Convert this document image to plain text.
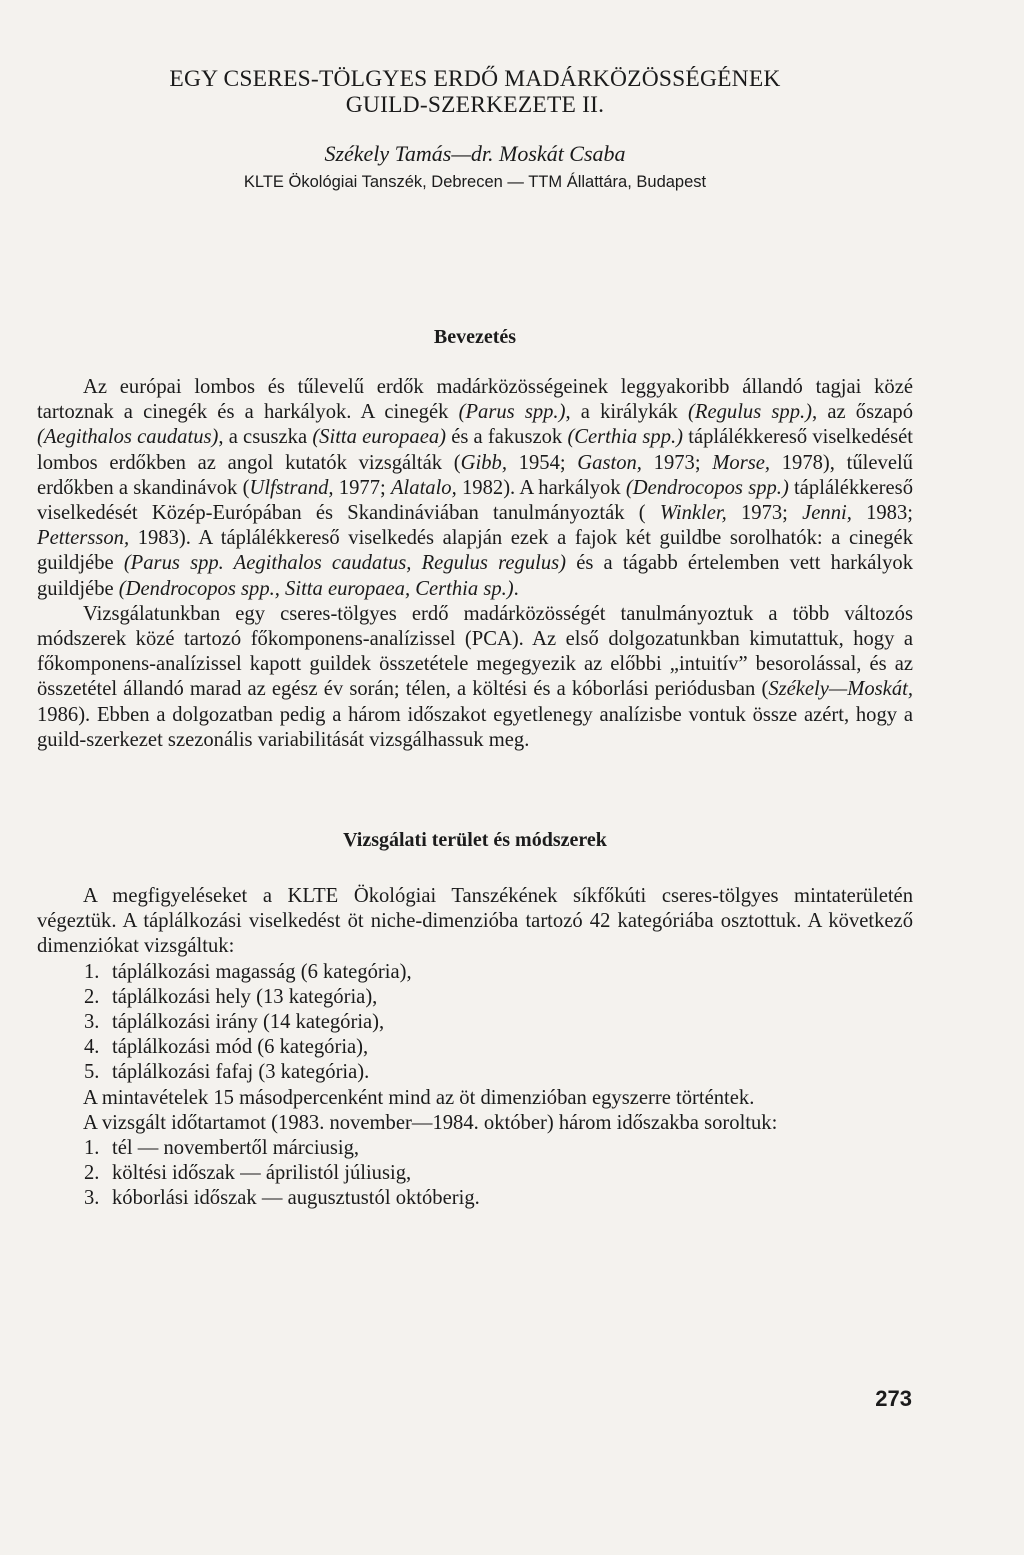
EGY CSERES-TÖLGYES ERDŐ MADÁRKÖZÖSSÉGÉNEK
GUILD-SZERKEZETE II.
Székely Tamás—dr. Moskát Csaba
KLTE Ökológiai Tanszék, Debrecen — TTM Állattára, Budapest
Bevezetés

Az európai lombos és tűlevelű erdők madárközösségeinek leggyakoribb állandó tagjai közé tartoznak a cinegék és a harkályok. A cinegék (Parus spp.), a királykák (Regulus spp.), az őszapó (Aegithalos caudatus), a csuszka (Sitta europaea) és a fakuszok (Certhia spp.) táplálékkereső viselkedését lombos erdőkben az angol kutatók vizsgálták (Gibb, 1954; Gaston, 1973; Morse, 1978), tűlevelű erdőkben a skandinávok (Ulfstrand, 1977; Alatalo, 1982). A harkályok (Dendrocopos spp.) táplálékkereső viselkedését Közép-Európában és Skandináviában tanulmányozták ( Winkler, 1973; Jenni, 1983; Pettersson, 1983). A táplálékkereső viselkedés alapján ezek a fajok két guildbe sorolhatók: a cinegék guildjébe (Parus spp. Aegithalos caudatus, Regulus regulus) és a tágabb értelemben vett harkályok guildjébe (Dendrocopos spp., Sitta europaea, Certhia sp.).

Vizsgálatunkban egy cseres-tölgyes erdő madárközösségét tanulmányoztuk a több változós módszerek közé tartozó főkomponens-analízissel (PCA). Az első dolgozatunkban kimutattuk, hogy a főkomponens-analízissel kapott guildek összetétele megegyezik az előbbi „intuitív” besorolással, és az összetétel állandó marad az egész év során; télen, a költési és a kóborlási periódusban (Székely—Moskát, 1986). Ebben a dolgozatban pedig a három időszakot egyetlenegy analízisbe vontuk össze azért, hogy a guild-szerkezet szezonális variabilitását vizsgálhassuk meg.

Vizsgálati terület és módszerek

A megfigyeléseket a KLTE Ökológiai Tanszékének síkfőkúti cseres-tölgyes mintaterületén végeztük. A táplálkozási viselkedést öt niche-dimenzióba tartozó 42 kategóriába osztottuk. A következő dimenziókat vizsgáltuk:

1. táplálkozási magasság (6 kategória),
2. táplálkozási hely (13 kategória),
3. táplálkozási irány (14 kategória),
4. táplálkozási mód (6 kategória),
5. táplálkozási fafaj (3 kategória).

A mintavételek 15 másodpercenként mind az öt dimenzióban egyszerre történtek.

A vizsgált időtartamot (1983. november—1984. október) három időszakba soroltuk:

1. tél — novembertől márciusig,
2. költési időszak — áprilistól júliusig,
3. kóborlási időszak — augusztustól októberig.
273
